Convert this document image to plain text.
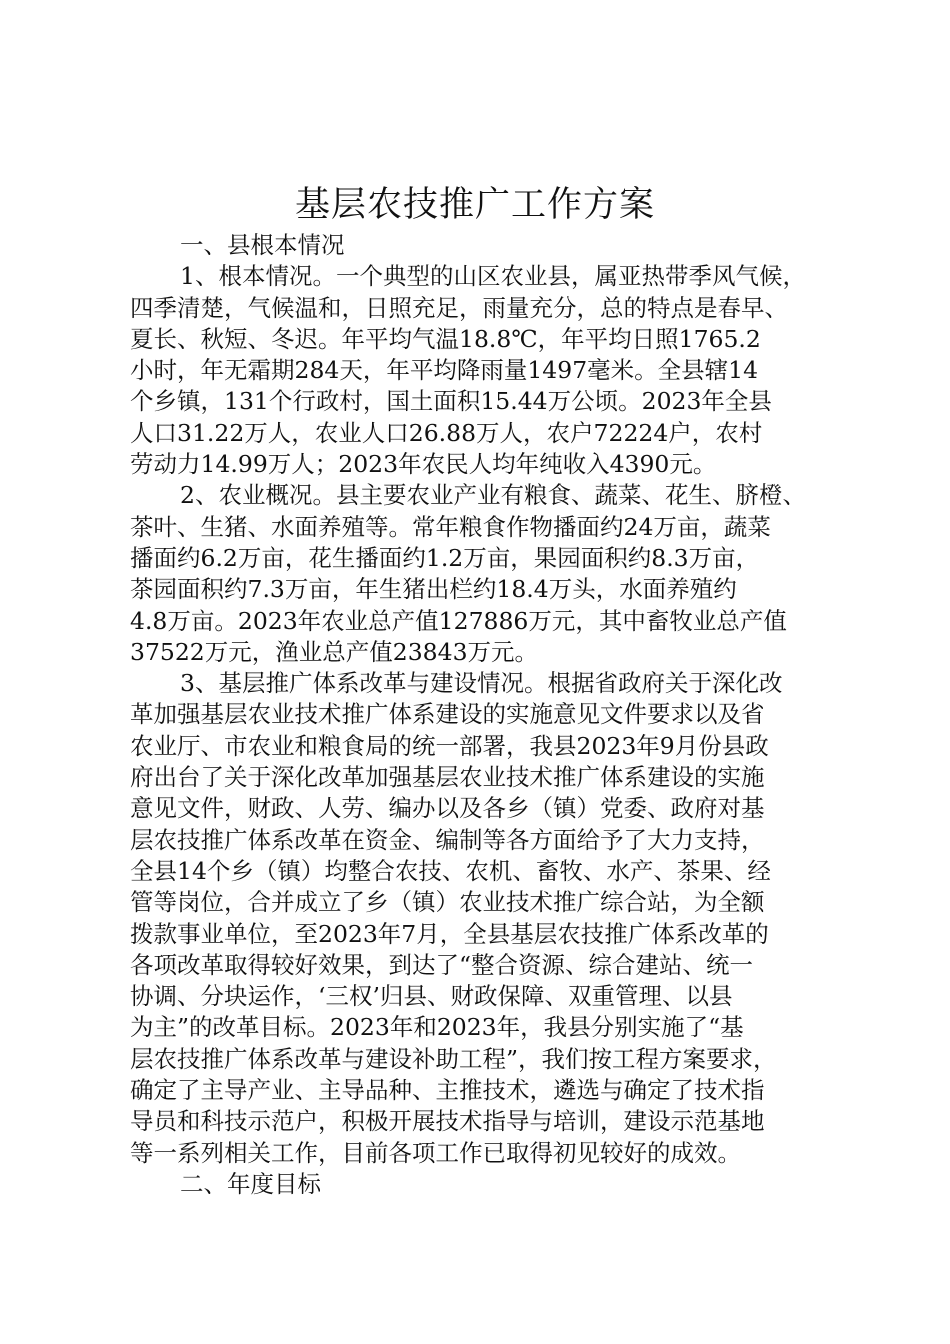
基层农技推广工作方案
一、县根本情况
1、根本情况。一个典型的山区农业县，属亚热带季风气候，
四季清楚，气候温和，日照充足，雨量充分，总的特点是春早、
夏长、秋短、冬迟。年平均气温18.8℃，年平均日照1765.2
小时，年无霜期284天，年平均降雨量1497毫米。全县辖14
个乡镇，131个行政村，国土面积15.44万公顷。2023年全县
人口31.22万人，农业人口26.88万人，农户72224户，农村
劳动力14.99万人；2023年农民人均年纯收入4390元。
2、农业概况。县主要农业产业有粮食、蔬菜、花生、脐橙、
茶叶、生猪、水面养殖等。常年粮食作物播面约24万亩，蔬菜
播面约6.2万亩，花生播面约1.2万亩，果园面积约8.3万亩，
茶园面积约7.3万亩，年生猪出栏约18.4万头，水面养殖约
4.8万亩。2023年农业总产值127886万元，其中畜牧业总产值
37522万元，渔业总产值23843万元。
3、基层推广体系改革与建设情况。根据省政府关于深化改
革加强基层农业技术推广体系建设的实施意见文件要求以及省
农业厅、市农业和粮食局的统一部署，我县2023年9月份县政
府出台了关于深化改革加强基层农业技术推广体系建设的实施
意见文件，财政、人劳、编办以及各乡（镇）党委、政府对基
层农技推广体系改革在资金、编制等各方面给予了大力支持，
全县14个乡（镇）均整合农技、农机、畜牧、水产、茶果、经
管等岗位，合并成立了乡（镇）农业技术推广综合站，为全额
拨款事业单位，至2023年7月，全县基层农技推广体系改革的
各项改革取得较好效果，到达了“整合资源、综合建站、统一
协调、分块运作，‘三权’归县、财政保障、双重管理、以县
为主”的改革目标。2023年和2023年，我县分别实施了“基
层农技推广体系改革与建设补助工程”，我们按工程方案要求，
确定了主导产业、主导品种、主推技术，遴选与确定了技术指
导员和科技示范户，积极开展技术指导与培训，建设示范基地
等一系列相关工作，目前各项工作已取得初见较好的成效。
二、年度目标
